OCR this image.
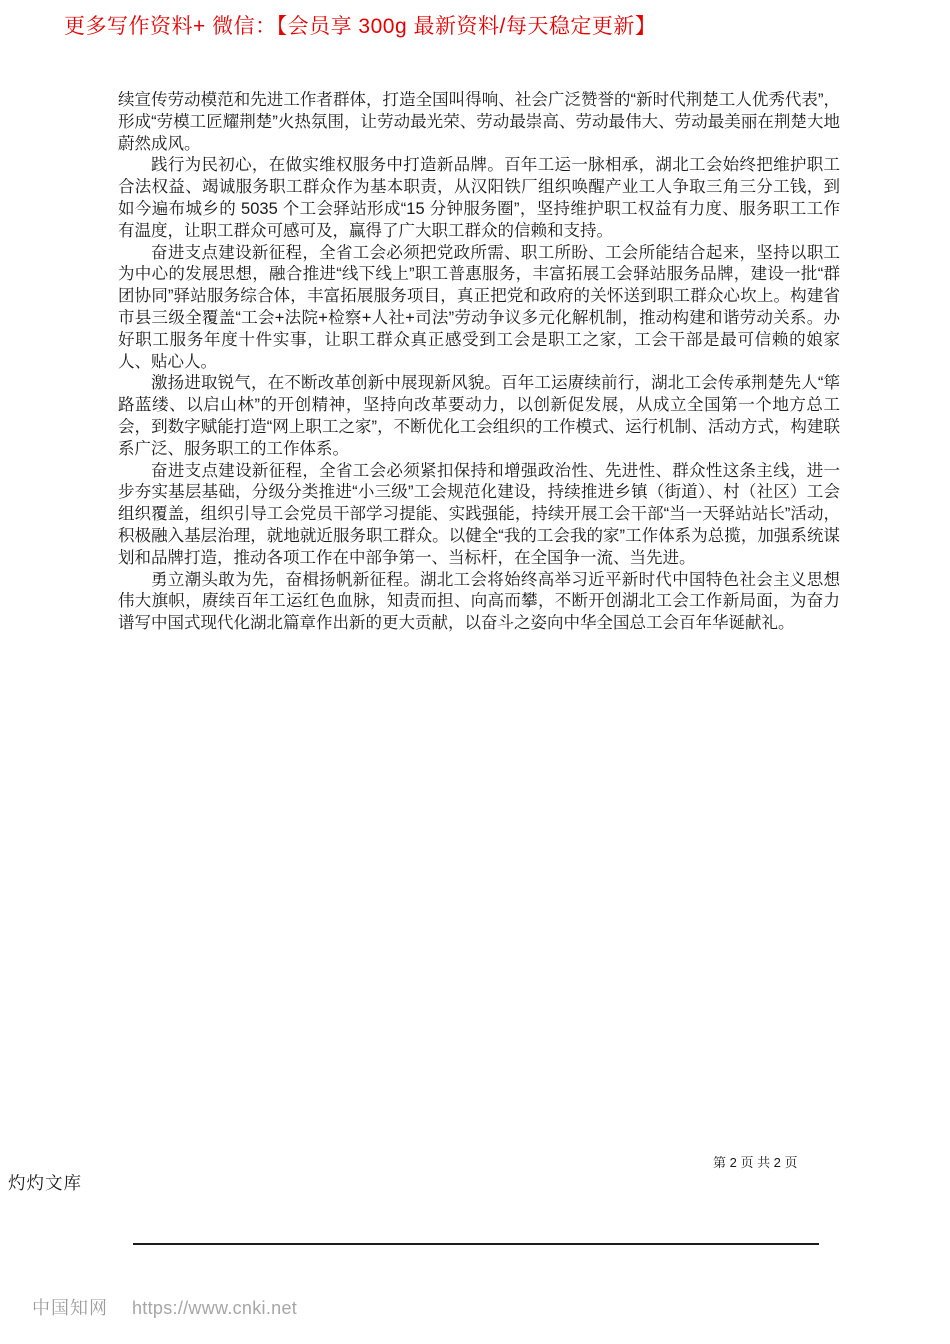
更多写作资料+ 微信：【会员享 300g 最新资料/每天稳定更新】

续宣传劳动模范和先进工作者群体，打造全国叫得响、社会广泛赞誉的“新时代荆楚工人优秀代表”，形成“劳模工匠耀荆楚”火热氛围，让劳动最光荣、劳动最崇高、劳动最伟大、劳动最美丽在荆楚大地蔚然成风。

践行为民初心，在做实维权服务中打造新品牌。百年工运一脉相承，湖北工会始终把维护职工合法权益、竭诚服务职工群众作为基本职责，从汉阳铁厂组织唤醒产业工人争取三角三分工钱，到如今遍布城乡的 5035 个工会驿站形成“15 分钟服务圈”，坚持维护职工权益有力度、服务职工工作有温度，让职工群众可感可及，赢得了广大职工群众的信赖和支持。

奋进支点建设新征程，全省工会必须把党政所需、职工所盼、工会所能结合起来，坚持以职工为中心的发展思想，融合推进“线下线上”职工普惠服务，丰富拓展工会驿站服务品牌，建设一批“群团协同”驿站服务综合体，丰富拓展服务项目，真正把党和政府的关怀送到职工群众心坎上。构建省市县三级全覆盖“工会+法院+检察+人社+司法”劳动争议多元化解机制，推动构建和谐劳动关系。办好职工服务年度十件实事，让职工群众真正感受到工会是职工之家，工会干部是最可信赖的娘家人、贴心人。

激扬进取锐气，在不断改革创新中展现新风貌。百年工运赓续前行，湖北工会传承荆楚先人“筚路蓝缕、以启山林”的开创精神，坚持向改革要动力，以创新促发展，从成立全国第一个地方总工会，到数字赋能打造“网上职工之家”，不断优化工会组织的工作模式、运行机制、活动方式，构建联系广泛、服务职工的工作体系。

奋进支点建设新征程，全省工会必须紧扣保持和增强政治性、先进性、群众性这条主线，进一步夯实基层基础，分级分类推进“小三级”工会规范化建设，持续推进乡镇（街道）、村（社区）工会组织覆盖，组织引导工会党员干部学习提能、实践强能，持续开展工会干部“当一天驿站站长”活动，积极融入基层治理，就地就近服务职工群众。以健全“我的工会我的家”工作体系为总揽，加强系统谋划和品牌打造，推动各项工作在中部争第一、当标杆，在全国争一流、当先进。

勇立潮头敢为先，奋楫扬帆新征程。湖北工会将始终高举习近平新时代中国特色社会主义思想伟大旗帜，赓续百年工运红色血脉，知责而担、向高而攀，不断开创湖北工会工作新局面，为奋力谱写中国式现代化湖北篇章作出新的更大贡献，以奋斗之姿向中华全国总工会百年华诞献礼。

第 2 页 共 2 页
灼灼文库
中国知网 https://www.cnki.net
